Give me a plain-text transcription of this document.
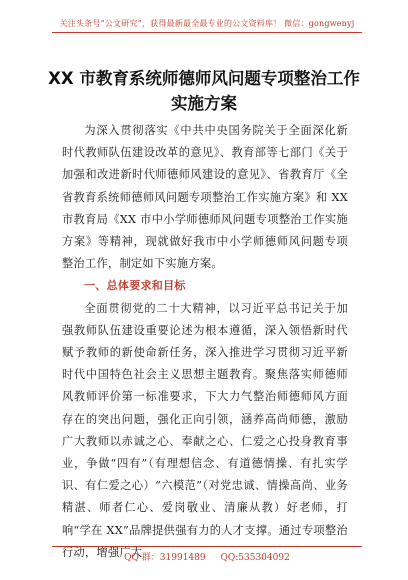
关注头条号“公文研究”，获得最新最全最专业的公文资料库！ 微信：gongwenyj
XX 市教育系统师德师风问题专项整治工作
实施方案

为深入贯彻落实《中共中央国务院关于全面深化新时代教师队伍建设改革的意见》、教育部等七部门《关于加强和改进新时代师德师风建设的意见》、省教育厅《全省教育系统师德师风问题专项整治工作实施方案》和 XX 市教育局《XX 市中小学师德师风问题专项整治工作实施方案》等精神，现就做好我市中小学师德师风问题专项整治工作，制定如下实施方案。

一、总体要求和目标

全面贯彻党的二十大精神，以习近平总书记关于加强教师队伍建设重要论述为根本遵循，深入领悟新时代赋予教师的新使命新任务，深入推进学习贯彻习近平新时代中国特色社会主义思想主题教育。聚焦落实师德师风教师评价第一标准要求，下大力气整治师德师风方面存在的突出问题，强化正向引领，涵养高尚师德，激励广大教师以赤诚之心、奉献之心、仁爱之心投身教育事业，争做“四有”（有理想信念、有道德情操、有扎实学识、有仁爱之心）“六模范”（对党忠诚、情操高尚、业务精湛、师者仁心、爱岗敬业、清廉从教）好老师，打响“学在 XX”品牌提供强有力的人才支撑。通过专项整治行动，增强广大

QQ 群：31991489 QQ:535304092
